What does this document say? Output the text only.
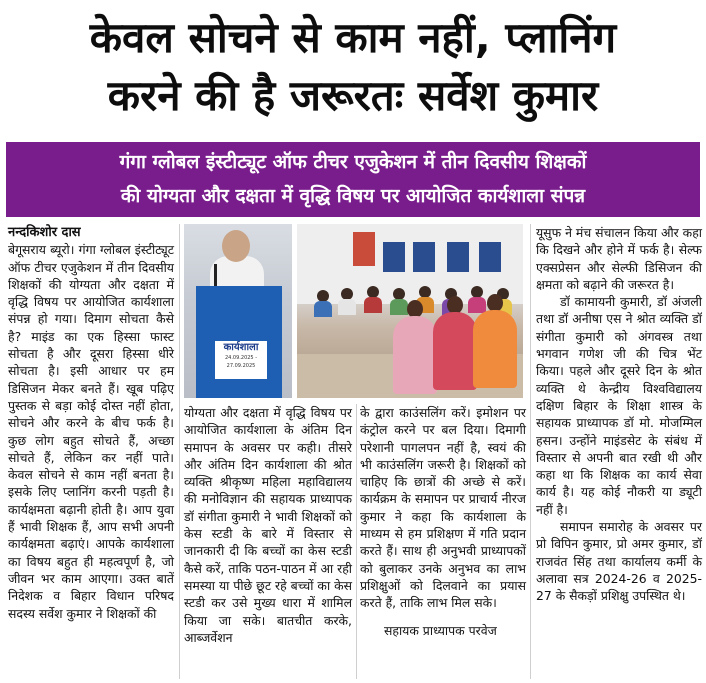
केवल सोचने से काम नहीं, प्लानिंग
करने की है जरूरतः सर्वेश कुमार
गंगा ग्लोबल इंस्टीट्यूट ऑफ टीचर एजुकेशन में तीन दिवसीय शिक्षकों
की योग्यता और दक्षता में वृद्धि विषय पर आयोजित कार्यशाला संपन्न

नन्दकिशोर दास

बेगूसराय ब्यूरो। गंगा ग्लोबल इंस्टीट्यूट ऑफ टीचर एजुकेशन में तीन दिवसीय शिक्षकों की योग्यता और दक्षता में वृद्धि विषय पर आयोजित कार्यशाला संपन्न हो गया। दिमाग सोचता कैसे है? माइंड का एक हिस्सा फास्ट सोचता है और दूसरा हिस्सा धीरे सोचता है। इसी आधार पर हम डिसिजन मेकर बनते हैं। खूब पढ़िए पुस्तक से बड़ा कोई दोस्त नहीं होता, सोचने और करने के बीच फर्क है। कुछ लोग बहुत सोचते हैं, अच्छा सोचते हैं, लेकिन कर नहीं पाते। केवल सोचने से काम नहीं बनता है। इसके लिए प्लानिंग करनी पड़ती है। कार्यक्षमता बढ़ानी होती है। आप युवा हैं भावी शिक्षक हैं, आप सभी अपनी कार्यक्षमता बढ़ाएं। आपके कार्यशाला का विषय बहुत ही महत्वपूर्ण है, जो जीवन भर काम आएगा। उक्त बातें निदेशक व बिहार विधान परिषद सदस्य सर्वेश कुमार ने शिक्षकों की

कार्यशाला
24.09.2025 - 27.09.2025

योग्यता और दक्षता में वृद्धि विषय पर आयोजित कार्यशाला के अंतिम दिन समापन के अवसर पर कही। तीसरे और अंतिम दिन कार्यशाला की श्रोत व्यक्ति श्रीकृष्ण महिला महाविद्यालय की मनोविज्ञान की सहायक प्राध्यापक डॉ संगीता कुमारी ने भावी शिक्षकों को केस स्टडी के बारे में विस्तार से जानकारी दी कि बच्चों का केस स्टडी कैसे करें, ताकि पठन-पाठन में आ रही समस्या या पीछे छूट रहे बच्चों का केस स्टडी कर उसे मुख्य धारा में शामिल किया जा सके। बातचीत करके, आब्जर्वेशन

के द्वारा काउंसलिंग करें। इमोशन पर कंट्रोल करने पर बल दिया। दिमागी परेशानी पागलपन नहीं है, स्वयं की भी काउंसलिंग जरूरी है। शिक्षकों को चाहिए कि छात्रों की अच्छे से करें। कार्यक्रम के समापन पर प्राचार्य नीरज कुमार ने कहा कि कार्यशाला के माध्यम से हम प्रशिक्षण में गति प्रदान करते हैं। साथ ही अनुभवी प्राध्यापकों को बुलाकर उनके अनुभव का लाभ प्रशिक्षुओं को दिलवाने का प्रयास करते हैं, ताकि लाभ मिल सके।

सहायक प्राध्यापक परवेज

यूसुफ ने मंच संचालन किया और कहा कि दिखने और होने में फर्क है। सेल्फ एक्सप्रेसन और सेल्फी डिसिजन की क्षमता को बढ़ाने की जरूरत है।

डॉ कामायनी कुमारी, डॉ अंजली तथा डॉ अनीषा एस ने श्रोत व्यक्ति डॉ संगीता कुमारी को अंगवस्त्र तथा भगवान गणेश जी की चित्र भेंट किया। पहले और दूसरे दिन के श्रोत व्यक्ति थे केन्द्रीय विश्वविद्यालय दक्षिण बिहार के शिक्षा शास्त्र के सहायक प्राध्यापक डॉ मो. मोजम्मिल हसन। उन्होंने माइंडसेट के संबंध में विस्तार से अपनी बात रखी थी और कहा था कि शिक्षक का कार्य सेवा कार्य है। यह कोई नौकरी या ड्यूटी नहीं है।

समापन समारोह के अवसर पर प्रो विपिन कुमार, प्रो अमर कुमार, डॉ राजवंत सिंह तथा कार्यालय कर्मी के अलावा सत्र 2024-26 व 2025-27 के सैकड़ों प्रशिक्षु उपस्थित थे।
